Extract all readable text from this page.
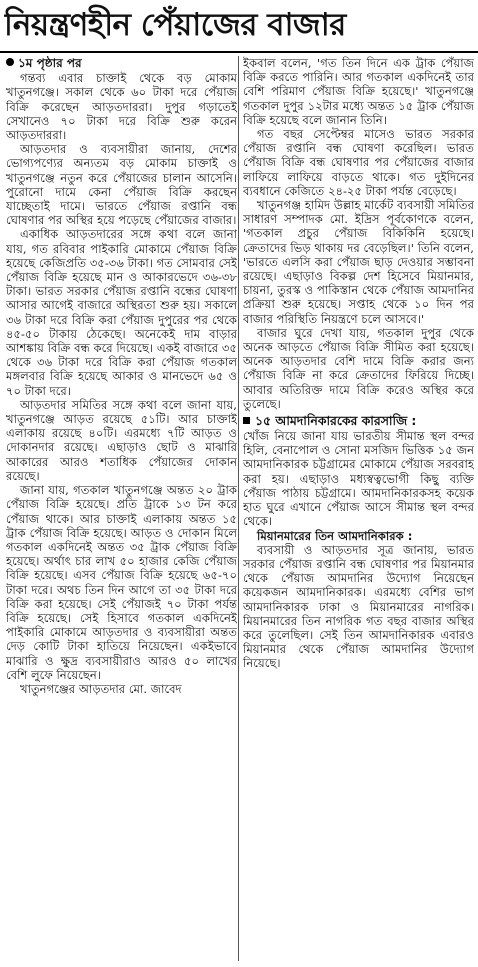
নিয়ন্ত্রণহীন পেঁয়াজের বাজার
১ম পৃষ্ঠার পর

গন্তব্য এবার চাক্তাই থেকে বড় মোকাম খাতুনগঞ্জে। সকাল থেকে ৬০ টাকা দরে পেঁয়াজ বিক্রি করেছেন আড়তদাররা। দুপুর গড়াতেই সেখানেও ৭০ টাকা দরে বিক্রি শুরু করেন আড়তদাররা।

আড়তদার ও ব্যবসায়ীরা জানায়, দেশের ভোগ্যপণ্যের অন্যতম বড় মোকাম চাক্তাই ও খাতুনগঞ্জে নতুন করে পেঁয়াজের চালান আসেনি। পুরোনো দামে কেনা পেঁয়াজ বিক্রি করছেন যাচ্ছেতাই দামে। ভারতে পেঁয়াজ রপ্তানি বন্ধ ঘোষণার পর অস্থির হয়ে পড়েছে পেঁয়াজের বাজার।

একাধিক আড়তদারের সঙ্গে কথা বলে জানা যায়, গত রবিবার পাইকারি মোকামে পেঁয়াজ বিক্রি হয়েছে কেজিপ্রতি ৩৫-৩৬ টাকা। গত সোমবার সেই পেঁয়াজ বিক্রি হয়েছে মান ও আকারভেদে ৩৬-৩৮ টাকা। ভারত সরকার পেঁয়াজ রপ্তানি বন্ধের ঘোষণা আসার আগেই বাজারে অস্থিরতা শুরু হয়। সকালে ৩৬ টাকা দরে বিক্রি করা পেঁয়াজ দুপুরের পর থেকে ৪৫-৫০ টাকায় ঠেকেছে। অনেকেই দাম বাড়ার আশঙ্কায় বিক্রি বন্ধ করে দিয়েছে। একই বাজারে ৩৫ থেকে ৩৬ টাকা দরে বিক্রি করা পেঁয়াজ গতকাল মঙ্গলবার বিক্রি হয়েছে আকার ও মানভেদে ৬৫ ও ৭০ টাকা দরে।

আড়তদার সমিতির সঙ্গে কথা বলে জানা যায়, খাতুনগঞ্জে আড়ত রয়েছে ৫১টি। আর চাক্তাই এলাকায় রয়েছে ৪০টি। এরমধ্যে ৭টি আড়ত ও দোকানদার রয়েছে। এছাড়াও ছোট ও মাঝারি আকারের আরও শতাধিক পেঁয়াজের দোকান রয়েছে।

জানা যায়, গতকাল খাতুনগঞ্জে অন্তত ২০ ট্রাক পেঁয়াজ বিক্রি হয়েছে। প্রতি ট্রাকে ১৩ টন করে পেঁয়াজ থাকে। আর চাক্তাই এলাকায় অন্তত ১৫ ট্রাক পেঁয়াজ বিক্রি হয়েছে। আড়ত ও দোকান মিলে গতকাল একদিনেই অন্তত ৩৫ ট্রাক পেঁয়াজ বিক্রি হয়েছে। অর্থাৎ চার লাখ ৫০ হাজার কেজি পেঁয়াজ বিক্রি হয়েছে। এসব পেঁয়াজ বিক্রি হয়েছে ৬৫-৭০ টাকা দরে। অথচ তিন দিন আগে তা ৩৫ টাকা দরে বিক্রি করা হয়েছে। সেই পেঁয়াজই ৭০ টাকা পর্যন্ত বিক্রি হয়েছে। সেই হিসাবে গতকাল একদিনেই পাইকারি মোকামে আড়তদার ও ব্যবসায়ীরা অন্তত দেড় কোটি টাকা হাতিয়ে নিয়েছেন। একইভাবে মাঝারি ও ক্ষুদ্র ব্যবসায়ীরাও আরও ৫০ লাখের বেশি লুফে নিয়েছেন।

খাতুনগঞ্জের আড়তদার মো. জাবেদ

ইকবাল বলেন, 'গত তিন দিনে এক ট্রাক পেঁয়াজ বিক্রি করতে পারিনি। আর গতকাল একদিনেই তার বেশি পরিমাণ পেঁয়াজ বিক্রি হয়েছে।' খাতুনগঞ্জে গতকাল দুপুর ১২টার মধ্যে অন্তত ১৫ ট্রাক পেঁয়াজ বিক্রি হয়েছে বলে জানান তিনি।

গত বছর সেপ্টেম্বর মাসেও ভারত সরকার পেঁয়াজ রপ্তানি বন্ধ ঘোষণা করেছিল। ভারত পেঁয়াজ বিক্রি বন্ধ ঘোষণার পর পেঁয়াজের বাজার লাফিয়ে লাফিয়ে বাড়তে থাকে। গত দুইদিনের ব্যবধানে কেজিতে ২৪-২৫ টাকা পর্যন্ত বেড়েছে।

খাতুনগঞ্জ হামিদ উল্লাহ মার্কেট ব্যবসায়ী সমিতির সাধারণ সম্পাদক মো. ইদ্রিস পূর্বকোণকে বলেন, 'গতকাল প্রচুর পেঁয়াজ বিকিকিনি হয়েছে। ক্রেতাদের ভিড় থাকায় দর বেড়েছিল।' তিনি বলেন, 'ভারতে এলসি করা পেঁয়াজ ছাড় দেওয়ার সম্ভাবনা রয়েছে। এছাড়াও বিকল্প দেশ হিসেবে মিয়ানমার, চায়না, তুরস্ক ও পাকিস্তান থেকে পেঁয়াজ আমদানির প্রক্রিয়া শুরু হয়েছে। সপ্তাহ থেকে ১০ দিন পর বাজার পরিস্থিতি নিয়ন্ত্রণে চলে আসবে।'

বাজার ঘুরে দেখা যায়, গতকাল দুপুর থেকে অনেক আড়তে পেঁয়াজ বিক্রি সীমিত করা হয়েছে। অনেক আড়তদার বেশি দামে বিক্রি করার জন্য পেঁয়াজ বিক্রি না করে ক্রেতাদের ফিরিয়ে দিচ্ছে। আবার অতিরিক্ত দামে বিক্রি করেও অস্থির করে তুলেছে।

১৫ আমদানিকারকের কারসাজি :

খোঁজ নিয়ে জানা যায় ভারতীয় সীমান্ত স্থল বন্দর হিলি, বেনাপোল ও সোনা মসজিদ ভিত্তিক ১৫ জন আমদানিকারক চট্টগ্রামের মোকামে পেঁয়াজ সরবরাহ করা হয়। এছাড়াও মধ্যস্বত্বভোগী কিছু ব্যক্তি পেঁয়াজ পাঠায় চট্টগ্রামে। আমদানিকারকসহ কয়েক হাত ঘুরে এখানে পেঁয়াজ আসে সীমান্ত স্থল বন্দর থেকে।

মিয়ানমারের তিন আমদানিকারক :

ব্যবসায়ী ও আড়তদার সূত্র জানায়, ভারত সরকার পেঁয়াজ রপ্তানি বন্ধ ঘোষণার পর মিয়ানমার থেকে পেঁয়াজ আমদানির উদ্যোগ নিয়েছেন কয়েকজন আমদানিকারক। এরমধ্যে বেশির ভাগ আমদানিকারক ঢাকা ও মিয়ানমারের নাগরিক। মিয়ানমারের তিন নাগরিক গত বছর বাজার অস্থির করে তুলেছিল। সেই তিন আমদানিকারক এবারও মিয়ানমার থেকে পেঁয়াজ আমদানির উদ্যোগ নিয়েছে।
